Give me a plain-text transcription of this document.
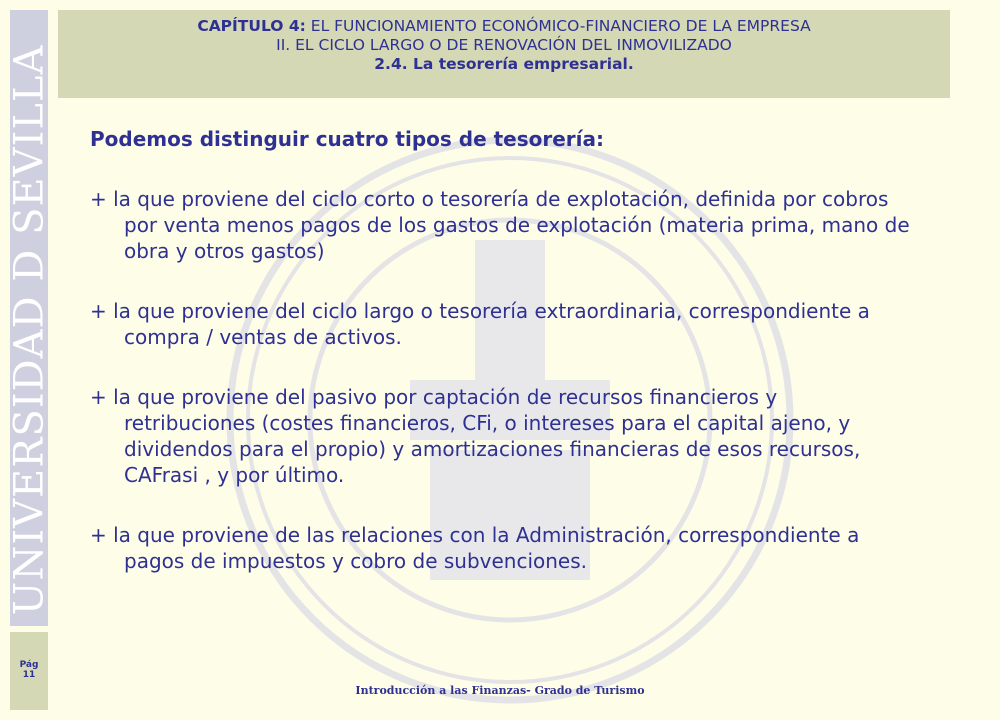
UNIVERSIDAD D SEVILLA
Pág
11
CAPÍTULO 4: EL FUNCIONAMIENTO ECONÓMICO-FINANCIERO DE LA EMPRESA
II. EL CICLO LARGO O DE RENOVACIÓN DEL INMOVILIZADO
2.4. La tesorería empresarial.
Podemos distinguir cuatro tipos de tesorería:

+ la que proviene del ciclo corto o tesorería de explotación, definida por cobros por venta menos pagos de los gastos de explotación (materia prima, mano de obra y otros gastos)

+ la que proviene del ciclo largo o tesorería extraordinaria, correspondiente a compra / ventas de activos.

+ la que proviene del pasivo por captación de recursos financieros y retribuciones (costes financieros, CFi, o intereses para el capital ajeno, y dividendos para el propio) y amortizaciones financieras de esos recursos, CAFrasi , y por último.

+ la que proviene de las relaciones con la Administración, correspondiente a pagos de impuestos y cobro de subvenciones.

Introducción a las Finanzas- Grado de Turismo
